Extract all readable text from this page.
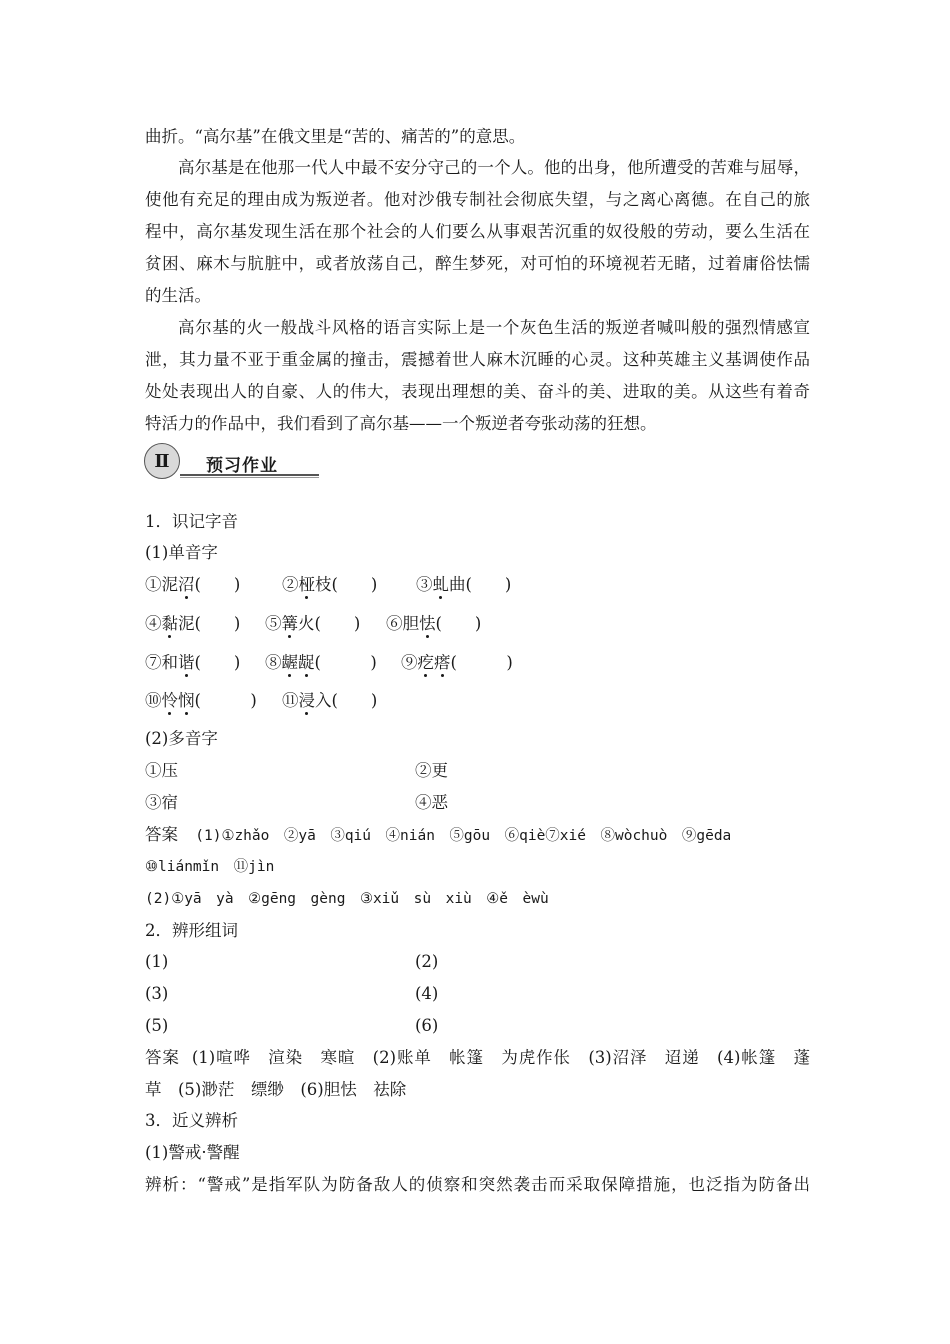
曲折。“高尔基”在俄文里是“苦的、痛苦的”的意思。
高尔基是在他那一代人中最不安分守己的一个人。他的出身，他所遭受的苦难与屈辱，
使他有充足的理由成为叛逆者。他对沙俄专制社会彻底失望，与之离心离德。在自己的旅
程中，高尔基发现生活在那个社会的人们要么从事艰苦沉重的奴役般的劳动，要么生活在
贫困、麻木与肮脏中，或者放荡自己，醉生梦死，对可怕的环境视若无睹，过着庸俗怯懦
的生活。
高尔基的火一般战斗风格的语言实际上是一个灰色生活的叛逆者喊叫般的强烈情感宣
泄，其力量不亚于重金属的撞击，震撼着世人麻木沉睡的心灵。这种英雄主义基调使作品
处处表现出人的自豪、人的伟大，表现出理想的美、奋斗的美、进取的美。从这些有着奇
特活力的作品中，我们看到了高尔基——一个叛逆者夸张动荡的狂想。
Ⅱ	预习作业
1．识记字音
(1)单音字
①泥沼(　　)	②桠枝(　　) ③虬曲(　　)
④黏泥(　　) ⑤篝火(　　) ⑥胆怯(　　)
⑦和谐(　　) ⑧龌龊(　　　) ⑨疙瘩(　　　)
⑩怜悯(　　　) ⑪浸入(　　)
(2)多音字
①压	②更
③宿	④恶
答案 (1)①zhǎo　②yā　③qiú　④nián　⑤gōu　⑥qiè⑦xié　⑧wòchuò　⑨gēda
⑩liánmǐn　⑪jìn
(2)①yā　yà　②gēng　gèng　③xiǔ　sù　xiù　④ě　èwù
2．辨形组词
(1)	(2)
(3)	(4)
(5)	(6)
答案 (1)喧哗　渲染　寒暄　(2)账单　帐篷　为虎作伥　(3)沼泽　迢递　(4)帐篷　蓬
草　(5)渺茫　缥缈　(6)胆怯　祛除
3．近义辨析
(1)警戒·警醒
辨析：“警戒”是指军队为防备敌人的侦察和突然袭击而采取保障措施，也泛指为防备出
